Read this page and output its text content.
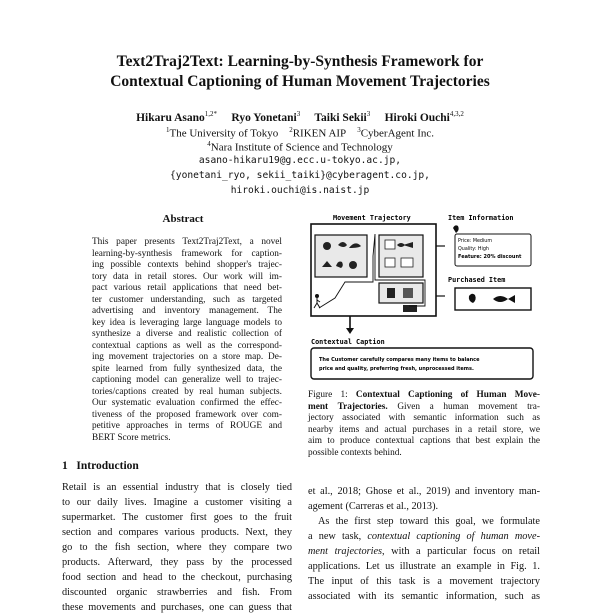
Text2Traj2Text: Learning-by-Synthesis Framework for
Contextual Captioning of Human Movement Trajectories
Hikaru Asano$^{1,2*}$ Ryo Yonetani$^3$ Taiki Sekii$^3$ Hiroki Ouchi$^{4,3,2}$
$^1$The University of Tokyo $^2$RIKEN AIP $^3$CyberAgent Inc.
$^4$Nara Institute of Science and Technology
asano-hikaru19@g.ecc.u-tokyo.ac.jp,
{yonetani_ryo, sekii_taiki}@cyberagent.co.jp,
hiroki.ouchi@is.naist.jp
Abstract
This paper presents Text2Traj2Text, a novel
learning-by-synthesis framework for caption-
ing possible contexts behind shopper's trajec-
tory data in retail stores. Our work will im-
pact various retail applications that need bet-
ter customer understanding, such as targeted
advertising and inventory management. The
key idea is leveraging large language models to
synthesize a diverse and realistic collection of
contextual captions as well as the correspond-
ing movement trajectories on a store map. De-
spite learned from fully synthesized data, the
captioning model can generalize well to trajec-
tories/captions created by real human subjects.
Our systematic evaluation confirmed the effec-
tiveness of the proposed framework over com-
petitive approaches in terms of ROUGE and
BERT Score metrics.
Movement Trajectory	Item Information
Price: Medium
Quality: High
Feature: 20% discount
Purchased Item
Contextual Caption
The Customer carefully compares many items to balance
price and quality, preferring fresh, unprocessed items.
Figure 1: Contextual Captioning of Human Move-
ment Trajectories. Given a human movement tra-
jectory associated with semantic information such as
nearby items and actual purchases in a retail store, we
aim to produce contextual captions that best explain the
possible contexts behind.
1 Introduction
Retail is an essential industry that is closely tied
to our daily lives. Imagine a customer visiting a
supermarket. The customer first goes to the fruit
section and compares various products. Next, they
go to the fish section, where they compare two
products. Afterward, they pass by the processed
food section and head to the checkout, purchasing
discounted organic strawberries and fish. From
these movements and purchases, one can guess that
et al., 2018; Ghose et al., 2019) and inventory man-
agement (Carreras et al., 2013).
As the first step toward this goal, we formulate
a new task, contextual captioning of human move-
ment trajectories, with a particular focus on retail
applications. Let us illustrate an example in Fig. 1.
The input of this task is a movement trajectory
associated with its semantic information, such as
